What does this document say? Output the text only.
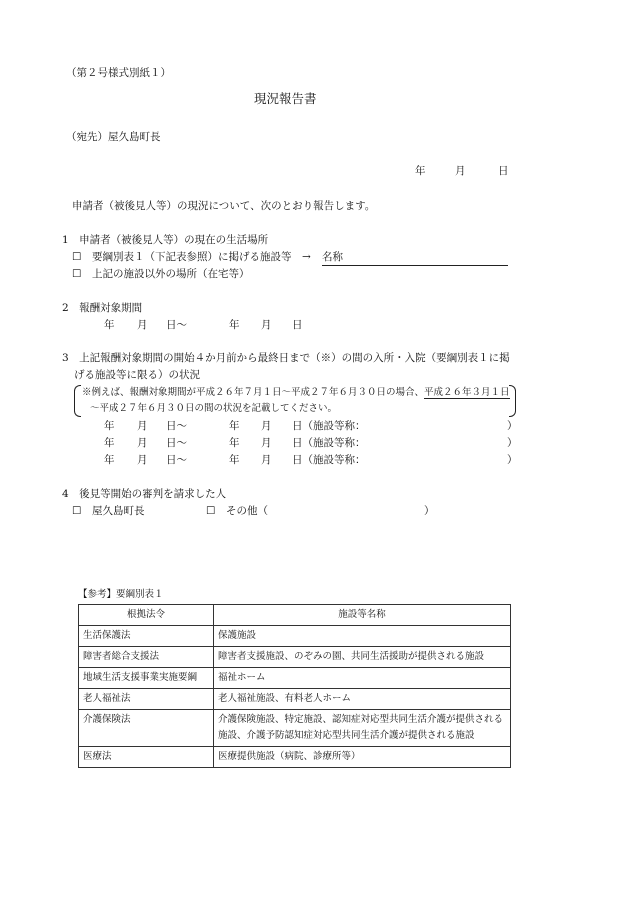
（第２号様式別紙１）
現況報告書
（宛先）屋久島町長
年	月	日
申請者（被後見人等）の現況について、次のとおり報告します。
1　申請者（被後見人等）の現在の生活場所
☐ 要綱別表１（下記表参照）に掲げる施設等　→ 名称
☐ 上記の施設以外の場所（在宅等）
2　報酬対象期間
年 月 日～	年 月 日
3　上記報酬対象期間の開始４か月前から最終日まで（※）の間の入所・入院（要綱別表１に掲
げる施設等に限る）の状況
※例えば、報酬対象期間が平成２６年７月１日～平成２７年６月３０日の場合、平成２６年３月１日
～平成２７年６月３０日の間の状況を記載してください。
年 月 日～	年 月 日（施設等称：	）
年 月 日～	年 月 日（施設等称：	）
年 月 日～	年 月 日（施設等称：	）
4　後見等開始の審判を請求した人
☐ 屋久島町長	☐ その他（	）
【参考】要綱別表１
根拠法令	施設等名称
生活保護法	保護施設
障害者総合支援法	障害者支援施設、のぞみの園、共同生活援助が提供される施設
地域生活支援事業実施要綱	福祉ホーム
老人福祉法	老人福祉施設、有料老人ホーム
介護保険法	介護保険施設、特定施設、認知症対応型共同生活介護が提供される施設、介護予防認知症対応型共同生活介護が提供される施設
医療法	医療提供施設（病院、診療所等）
